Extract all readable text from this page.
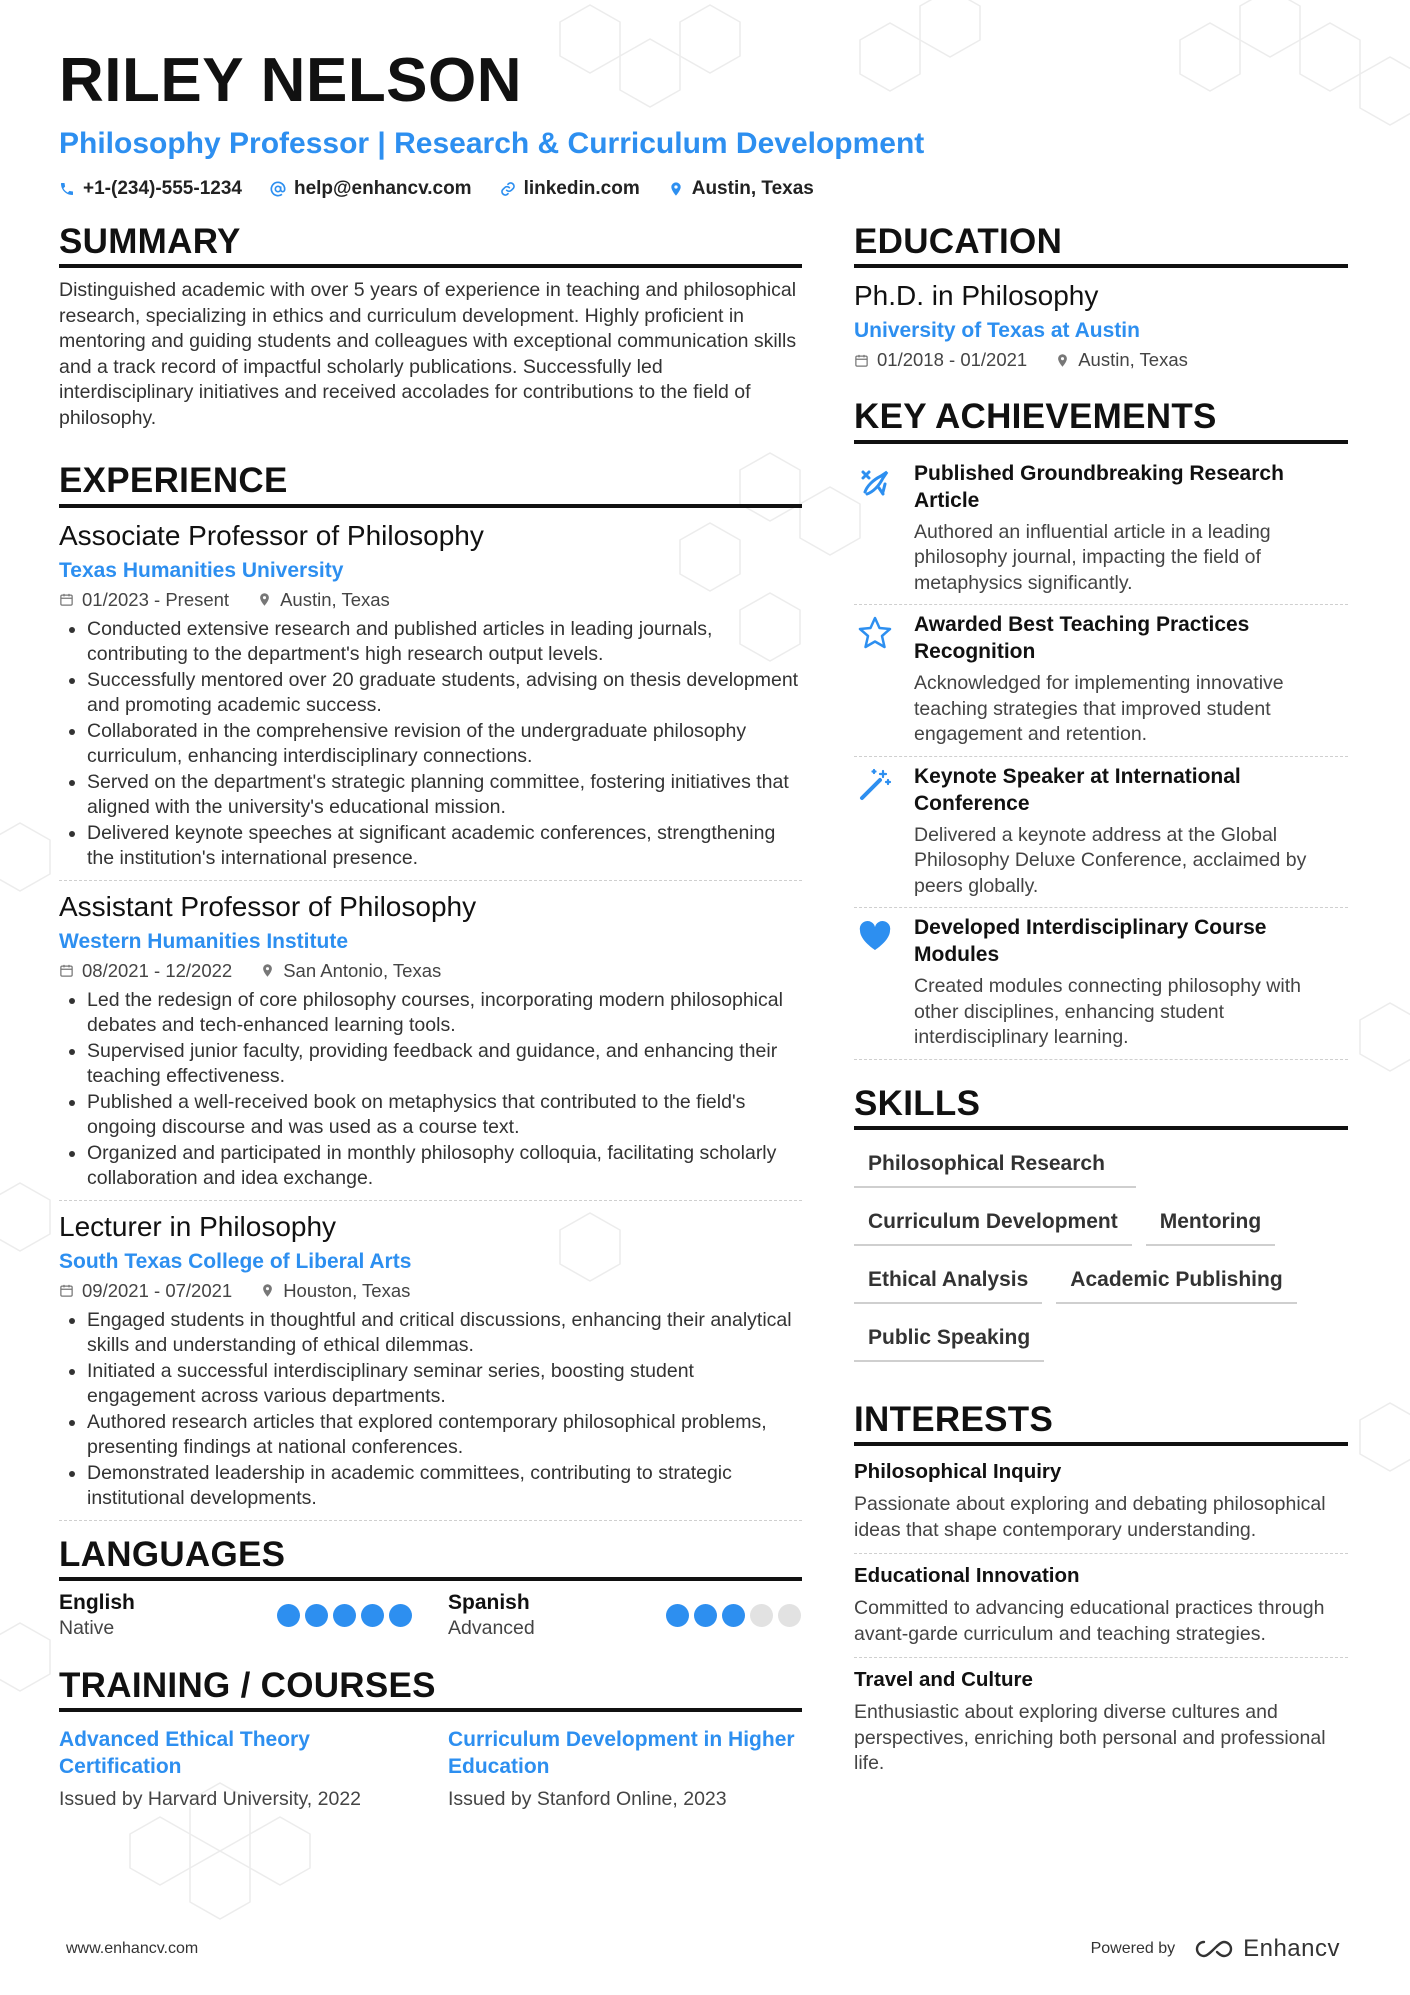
RILEY NELSON
Philosophy Professor | Research & Curriculum Development
+1-(234)-555-1234	help@enhancv.com	linkedin.com	Austin, Texas
SUMMARY
Distinguished academic with over 5 years of experience in teaching and philosophical research, specializing in ethics and curriculum development. Highly proficient in mentoring and guiding students and colleagues with exceptional communication skills and a track record of impactful scholarly publications. Successfully led interdisciplinary initiatives and received accolades for contributions to the field of philosophy.
EXPERIENCE
Associate Professor of Philosophy
Texas Humanities University
01/2023 - Present	Austin, Texas
• Conducted extensive research and published articles in leading journals, contributing to the department's high research output levels.
• Successfully mentored over 20 graduate students, advising on thesis development and promoting academic success.
• Collaborated in the comprehensive revision of the undergraduate philosophy curriculum, enhancing interdisciplinary connections.
• Served on the department's strategic planning committee, fostering initiatives that aligned with the university's educational mission.
• Delivered keynote speeches at significant academic conferences, strengthening the institution's international presence.
Assistant Professor of Philosophy
Western Humanities Institute
08/2021 - 12/2022	San Antonio, Texas
• Led the redesign of core philosophy courses, incorporating modern philosophical debates and tech-enhanced learning tools.
• Supervised junior faculty, providing feedback and guidance, and enhancing their teaching effectiveness.
• Published a well-received book on metaphysics that contributed to the field's ongoing discourse and was used as a course text.
• Organized and participated in monthly philosophy colloquia, facilitating scholarly collaboration and idea exchange.
Lecturer in Philosophy
South Texas College of Liberal Arts
09/2021 - 07/2021	Houston, Texas
• Engaged students in thoughtful and critical discussions, enhancing their analytical skills and understanding of ethical dilemmas.
• Initiated a successful interdisciplinary seminar series, boosting student engagement across various departments.
• Authored research articles that explored contemporary philosophical problems, presenting findings at national conferences.
• Demonstrated leadership in academic committees, contributing to strategic institutional developments.
LANGUAGES
English
Native
Spanish
Advanced
TRAINING / COURSES
Advanced Ethical Theory Certification
Issued by Harvard University, 2022
Curriculum Development in Higher Education
Issued by Stanford Online, 2023
EDUCATION
Ph.D. in Philosophy
University of Texas at Austin
01/2018 - 01/2021	Austin, Texas
KEY ACHIEVEMENTS
Published Groundbreaking Research Article
Authored an influential article in a leading philosophy journal, impacting the field of metaphysics significantly.
Awarded Best Teaching Practices Recognition
Acknowledged for implementing innovative teaching strategies that improved student engagement and retention.
Keynote Speaker at International Conference
Delivered a keynote address at the Global Philosophy Deluxe Conference, acclaimed by peers globally.
Developed Interdisciplinary Course Modules
Created modules connecting philosophy with other disciplines, enhancing student interdisciplinary learning.
SKILLS
Philosophical Research
Curriculum Development	Mentoring
Ethical Analysis	Academic Publishing
Public Speaking
INTERESTS
Philosophical Inquiry
Passionate about exploring and debating philosophical ideas that shape contemporary understanding.
Educational Innovation
Committed to advancing educational practices through avant-garde curriculum and teaching strategies.
Travel and Culture
Enthusiastic about exploring diverse cultures and perspectives, enriching both personal and professional life.
www.enhancv.com	Powered by	Enhancv
